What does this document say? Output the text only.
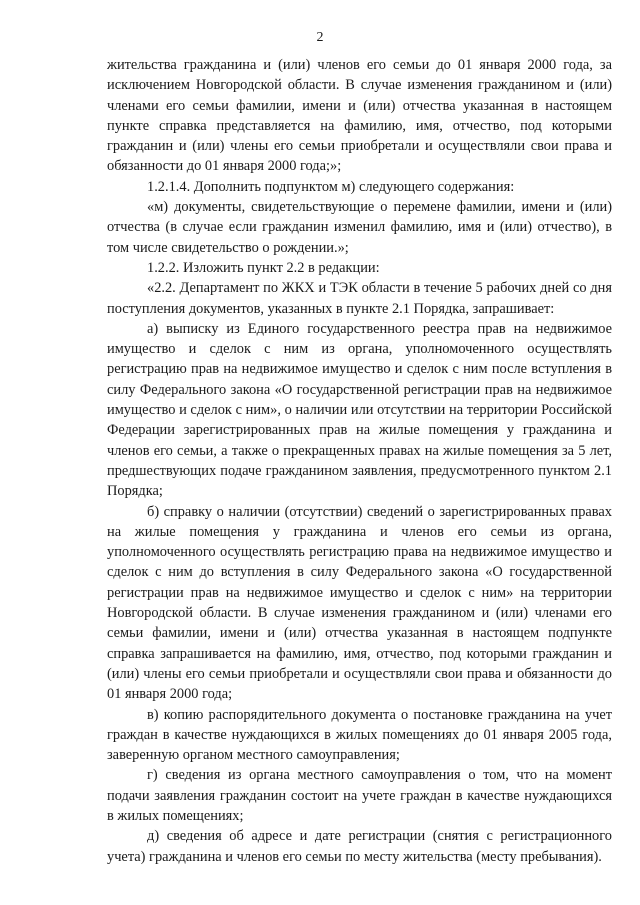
2

жительства гражданина и (или) членов его семьи до 01 января 2000 года, за исключением Новгородской области. В случае изменения гражданином и (или) членами его семьи фамилии, имени и (или) отчества указанная в настоящем пункте справка представляется на фамилию, имя, отчество, под которыми гражданин и (или) члены его семьи приобретали и осуществляли свои права и обязанности до 01 января 2000 года;»;

1.2.1.4. Дополнить подпунктом м) следующего содержания:

«м) документы, свидетельствующие о перемене фамилии, имени и (или) отчества (в случае если гражданин изменил фамилию, имя и (или) отчество), в том числе свидетельство о рождении.»;

1.2.2. Изложить пункт 2.2 в редакции:

«2.2. Департамент по ЖКХ и ТЭК области в течение 5 рабочих дней со дня поступления документов, указанных в пункте 2.1 Порядка, запрашивает:

а) выписку из Единого государственного реестра прав на недвижимое имущество и сделок с ним из органа, уполномоченного осуществлять регистрацию прав на недвижимое имущество и сделок с ним после вступления в силу Федерального закона «О государственной регистрации прав на недвижимое имущество и сделок с ним», о наличии или отсутствии на территории Российской Федерации зарегистрированных прав на жилые помещения у гражданина и членов его семьи, а также о прекращенных правах на жилые помещения за 5 лет, предшествующих подаче гражданином заявления, предусмотренного пунктом 2.1 Порядка;

б) справку о наличии (отсутствии) сведений о зарегистрированных правах на жилые помещения у гражданина и членов его семьи из органа, уполномоченного осуществлять регистрацию права на недвижимое имущество и сделок с ним до вступления в силу Федерального закона «О государственной регистрации прав на недвижимое имущество и сделок с ним» на территории Новгородской области. В случае изменения гражданином и (или) членами его семьи фамилии, имени и (или) отчества указанная в настоящем подпункте справка запрашивается на фамилию, имя, отчество, под которыми гражданин и (или) члены его семьи приобретали и осуществляли свои права и обязанности до 01 января 2000 года;

в) копию распорядительного документа о постановке гражданина на учет граждан в качестве нуждающихся в жилых помещениях до 01 января 2005 года, заверенную органом местного самоуправления;

г) сведения из органа местного самоуправления о том, что на момент подачи заявления гражданин состоит на учете граждан в качестве нуждающихся в жилых помещениях;

д) сведения об адресе и дате регистрации (снятия с регистрационного учета) гражданина и членов его семьи по месту жительства (месту пребывания).
